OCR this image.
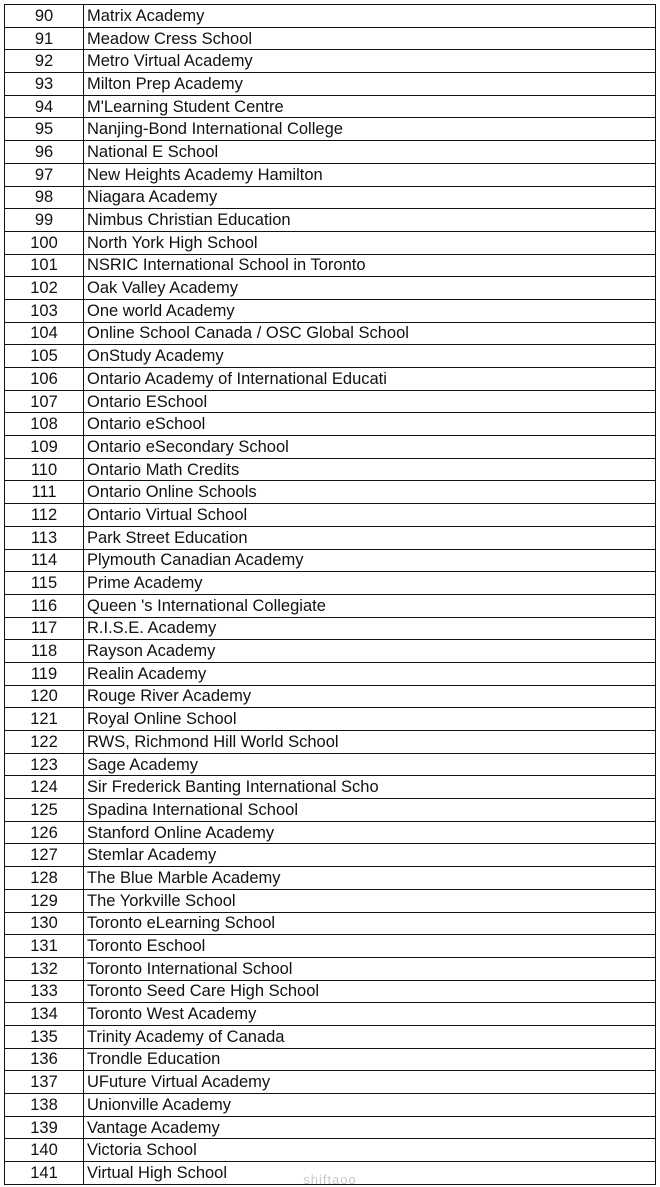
90	Matrix Academy
91	Meadow Cress School
92	Metro Virtual Academy
93	Milton Prep Academy
94	M'Learning Student Centre
95	Nanjing-Bond International College
96	National E School
97	New Heights Academy Hamilton
98	Niagara Academy
99	Nimbus Christian Education
100	North York High School
101	NSRIC International School in Toronto
102	Oak Valley Academy
103	One world Academy
104	Online School Canada / OSC Global School
105	OnStudy Academy
106	Ontario Academy of International Educati
107	Ontario ESchool
108	Ontario eSchool
109	Ontario eSecondary School
110	Ontario Math Credits
111	Ontario Online Schools
112	Ontario Virtual School
113	Park Street Education
114	Plymouth Canadian Academy
115	Prime Academy
116	Queen 's International Collegiate
117	R.I.S.E. Academy
118	Rayson Academy
119	Realin Academy
120	Rouge River Academy
121	Royal Online School
122	RWS, Richmond Hill World School
123	Sage Academy
124	Sir Frederick Banting International Scho
125	Spadina International School
126	Stanford Online Academy
127	Stemlar Academy
128	The Blue Marble Academy
129	The Yorkville School
130	Toronto eLearning School
131	Toronto Eschool
132	Toronto International School
133	Toronto Seed Care High School
134	Toronto West Academy
135	Trinity Academy of Canada
136	Trondle Education
137	UFuture Virtual Academy
138	Unionville Academy
139	Vantage Academy
140	Victoria School
141	Virtual High School	shiftaoo
